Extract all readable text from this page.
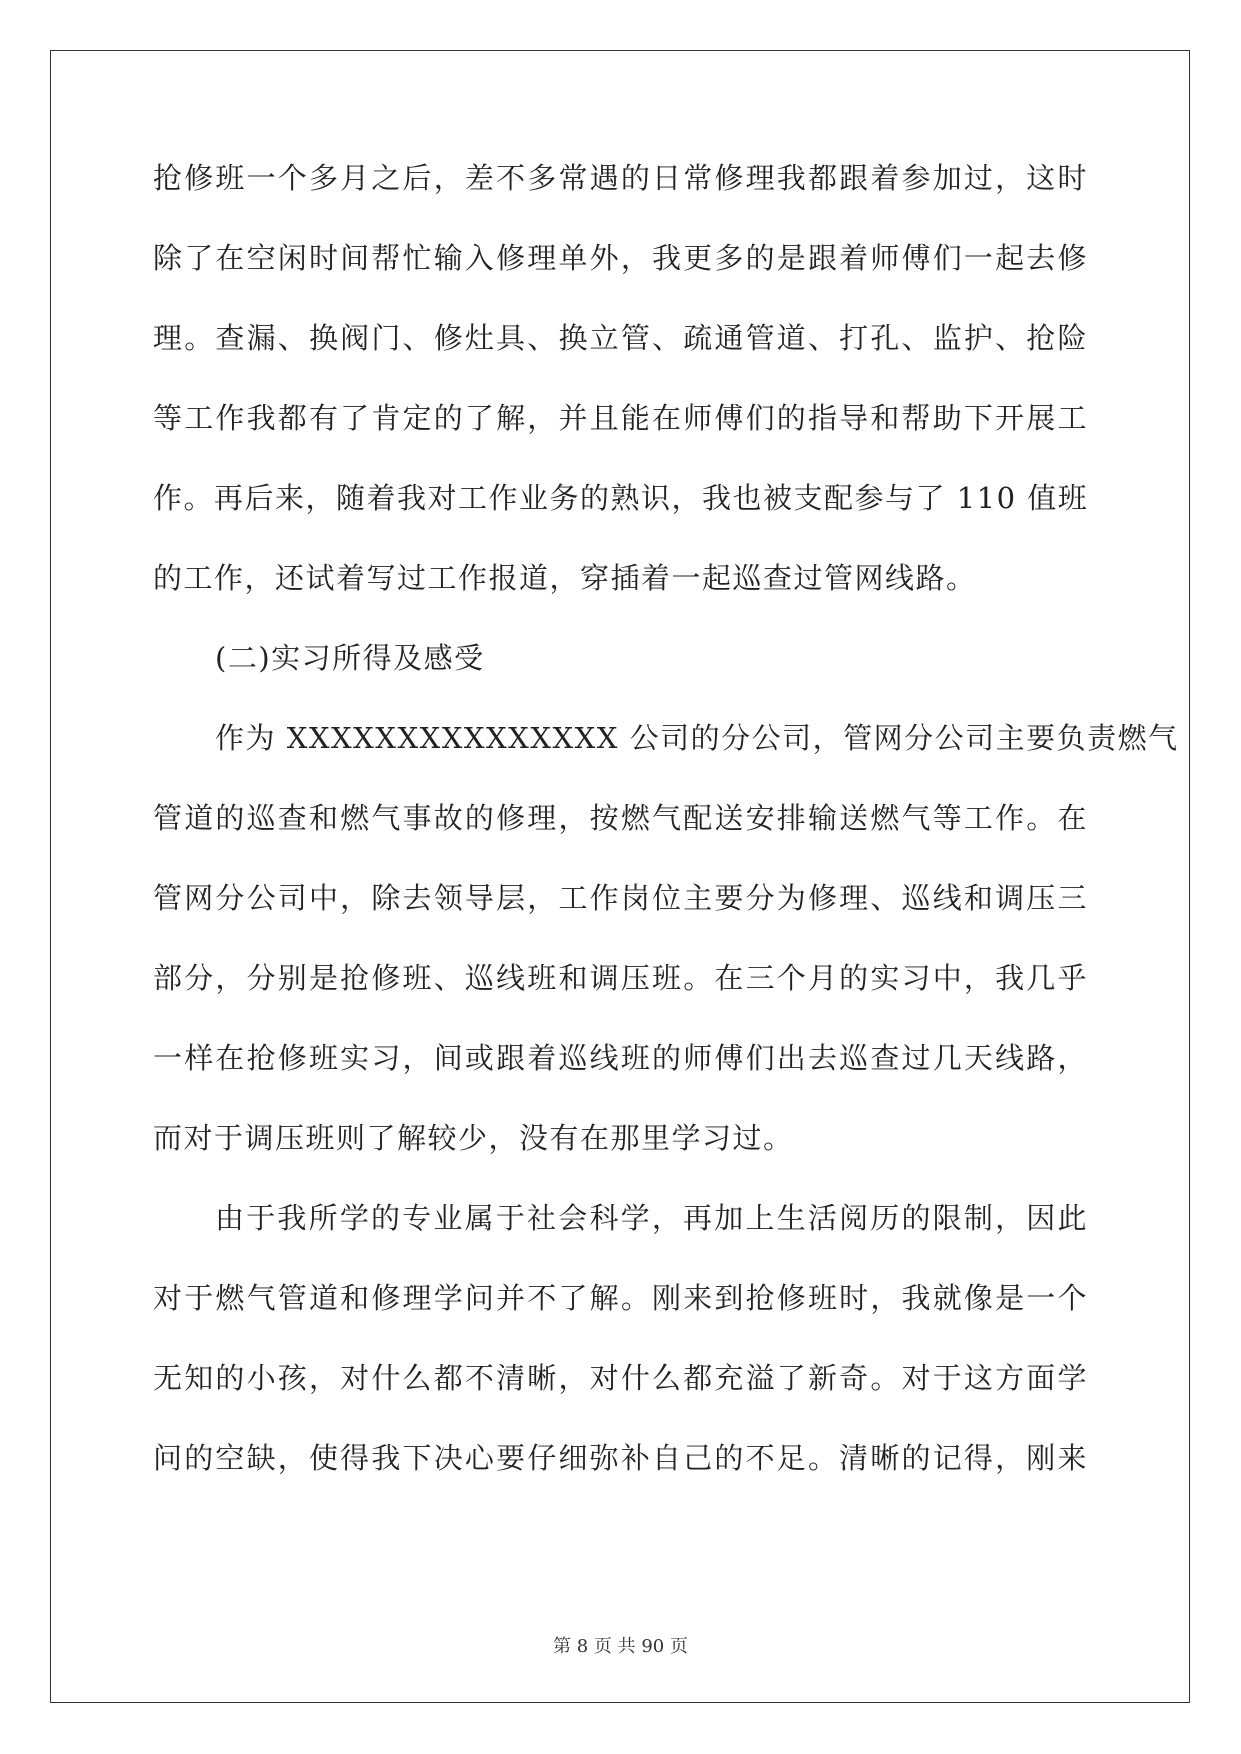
抢修班一个多月之后，差不多常遇的日常修理我都跟着参加过，这时
除了在空闲时间帮忙输入修理单外，我更多的是跟着师傅们一起去修
理。查漏、换阀门、修灶具、换立管、疏通管道、打孔、监护、抢险
等工作我都有了肯定的了解，并且能在师傅们的指导和帮助下开展工
作。再后来，随着我对工作业务的熟识，我也被支配参与了 110 值班
的工作，还试着写过工作报道，穿插着一起巡查过管网线路。
(二)实习所得及感受
作为 XXXXXXXXXXXXXXX 公司的分公司，管网分公司主要负责燃气
管道的巡查和燃气事故的修理，按燃气配送安排输送燃气等工作。在
管网分公司中，除去领导层，工作岗位主要分为修理、巡线和调压三
部分，分别是抢修班、巡线班和调压班。在三个月的实习中，我几乎
一样在抢修班实习，间或跟着巡线班的师傅们出去巡查过几天线路，
而对于调压班则了解较少，没有在那里学习过。
由于我所学的专业属于社会科学，再加上生活阅历的限制，因此
对于燃气管道和修理学问并不了解。刚来到抢修班时，我就像是一个
无知的小孩，对什么都不清晰，对什么都充溢了新奇。对于这方面学
问的空缺，使得我下决心要仔细弥补自己的不足。清晰的记得，刚来
第 8 页 共 90 页
